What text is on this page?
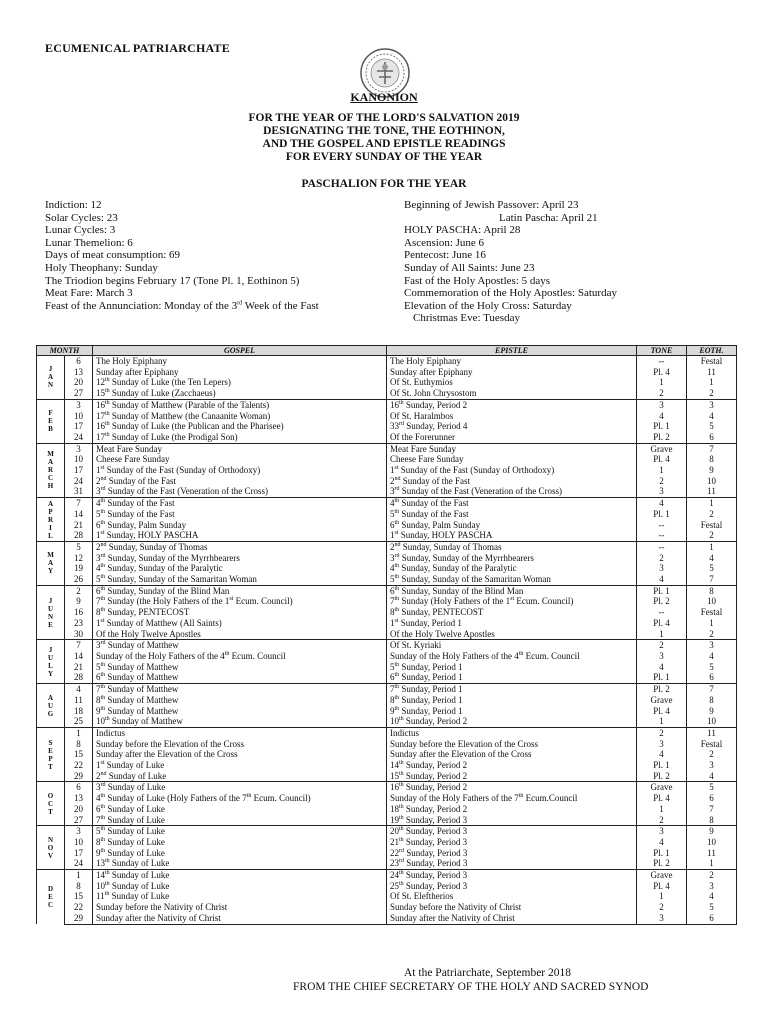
ECUMENICAL PATRIARCHATE
KANONION
FOR THE YEAR OF THE LORD'S SALVATION 2019
DESIGNATING THE TONE, THE EOTHINON,
AND THE GOSPEL AND EPISTLE READINGS
FOR EVERY SUNDAY OF THE YEAR
PASCHALION FOR THE YEAR
Indiction: 12
Solar Cycles: 23
Lunar Cycles: 3
Lunar Themelion: 6
Days of meat consumption: 69
Holy Theophany: Sunday
The Triodion begins February 17 (Tone Pl. 1, Eothinon 5)
Meat Fare: March 3
Feast of the Annunciation: Monday of the 3rd Week of the Fast
Beginning of Jewish Passover: April 23
Latin Pascha: April 21
HOLY PASCHA: April 28
Ascension: June 6
Pentecost: June 16
Sunday of All Saints: June 23
Fast of the Holy Apostles: 5 days
Commemoration of the Holy Apostles: Saturday
Elevation of the Holy Cross: Saturday
Christmas Eve: Tuesday
MONTH		GOSPEL	EPISTLE	TONE	EOTH.

J
A
N	6	The Holy Epiphany	The Holy Epiphany	--	Festal
	13	Sunday after Epiphany	Sunday after Epiphany	Pl. 4	11
	20	12th Sunday of Luke (the Ten Lepers)	Of St. Euthymios	1	1
	27	15th Sunday of Luke (Zacchaeus)	Of St. John Chrysostom	2	2

F
E
B	3	16th Sunday of Matthew (Parable of the Talents)	16th Sunday, Period 2	3	3
	10	17th Sunday of Matthew (the Canaanite Woman)	Of St. Haralmbos	4	4
	17	16th Sunday of Luke (the Publican and the Pharisee)	33rd Sunday, Period 4	Pl. 1	5
	24	17th Sunday of Luke (the Prodigal Son)	Of the Forerunner	Pl. 2	6

M
A
R
C
H	3	Meat Fare Sunday	Meat Fare Sunday	Grave	7
	10	Cheese Fare Sunday	Cheese Fare Sunday	Pl. 4	8
	17	1st Sunday of the Fast (Sunday of Orthodoxy)	1st Sunday of the Fast (Sunday of Orthodoxy)	1	9
	24	2nd Sunday of the Fast	2nd Sunday of the Fast	2	10
	31	3rd Sunday of the Fast (Veneration of the Cross)	3rd Sunday of the Fast (Veneration of the Cross)	3	11

A
P
R
I
L	7	4th Sunday of the Fast	4th Sunday of the Fast	4	1
	14	5th Sunday of the Fast	5th Sunday of the Fast	Pl. 1	2
	21	6th Sunday, Palm Sunday	6th Sunday, Palm Sunday	--	Festal
	28	1st Sunday, HOLY PASCHA	1st Sunday, HOLY PASCHA	--	2

M
A
Y	5	2nd Sunday, Sunday of Thomas	2nd Sunday, Sunday of Thomas	--	1
	12	3rd Sunday, Sunday of the Myrrhbearers	3rd Sunday, Sunday of the Myrrhbearers	2	4
	19	4th Sunday, Sunday of the Paralytic	4th Sunday, Sunday of the Paralytic	3	5
	26	5th Sunday, Sunday of the Samaritan Woman	5th Sunday, Sunday of the Samaritan Woman	4	7

J
U
N
E	2	6th Sunday, Sunday of the Blind Man	6th Sunday, Sunday of the Blind Man	Pl. 1	8
	9	7th Sunday (the Holy Fathers of the 1st Ecum. Council)	7th Sunday (Holy Fathers of the 1st Ecum. Council)	Pl. 2	10
	16	8th Sunday, PENTECOST	8th Sunday, PENTECOST	--	Festal
	23	1st Sunday of Matthew (All Saints)	1st Sunday, Period 1	Pl. 4	1
	30	Of the Holy Twelve Apostles	Of the Holy Twelve Apostles	1	2

J
U
L
Y	7	3rd Sunday of Matthew	Of St. Kyriaki	2	3
	14	Sunday of the Holy Fathers of the 4th Ecum. Council	Sunday of the Holy Fathers of the 4th Ecum. Council	3	4
	21	5th Sunday of Matthew	5th Sunday, Period 1	4	5
	28	6th Sunday of Matthew	6th Sunday, Period 1	Pl. 1	6

A
U
G	4	7th Sunday of Matthew	7th Sunday, Period 1	Pl. 2	7
	11	8th Sunday of Matthew	8th Sunday, Period 1	Grave	8
	18	9th Sunday of Matthew	9th Sunday, Period 1	Pl. 4	9
	25	10th Sunday of Matthew	10th Sunday, Period 2	1	10

S
E
P
T	1	Indictus	Indictus	2	11
	8	Sunday before the Elevation of the Cross	Sunday before the Elevation of the Cross	3	Festal
	15	Sunday after the Elevation of the Cross	Sunday after the Elevation of the Cross	4	2
	22	1st Sunday of Luke	14th Sunday, Period 2	Pl. 1	3
	29	2nd Sunday of Luke	15th Sunday, Period 2	Pl. 2	4

O
C
T	6	3rd Sunday of Luke	16th Sunday, Period 2	Grave	5
	13	4th Sunday of Luke (Holy Fathers of the 7th Ecum. Council)	Sunday of the Holy Fathers of the 7th Ecum.Council	Pl. 4	6
	20	6th Sunday of Luke	18th Sunday, Period 2	1	7
	27	7th Sunday of Luke	19th Sunday, Period 3	2	8

N
O
V	3	5th Sunday of Luke	20th Sunday, Period 3	3	9
	10	8th Sunday of Luke	21th Sunday, Period 3	4	10
	17	9th Sunday of Luke	22rd Sunday, Period 3	Pl. 1	11
	24	13th Sunday of Luke	23rd Sunday, Period 3	Pl. 2	1

D
E
C	1	14th Sunday of Luke	24th Sunday, Period 3	Grave	2
	8	10th Sunday of Luke	25th Sunday, Period 3	Pl. 4	3
	15	11th Sunday of Luke	Of St. Eleftherios	1	4
	22	Sunday before the Nativity of Christ	Sunday before the Nativity of Christ	2	5
	29	Sunday after the Nativity of Christ	Sunday after the Nativity of Christ	3	6
At the Patriarchate, September 2018
FROM THE CHIEF SECRETARY OF THE HOLY AND SACRED SYNOD
